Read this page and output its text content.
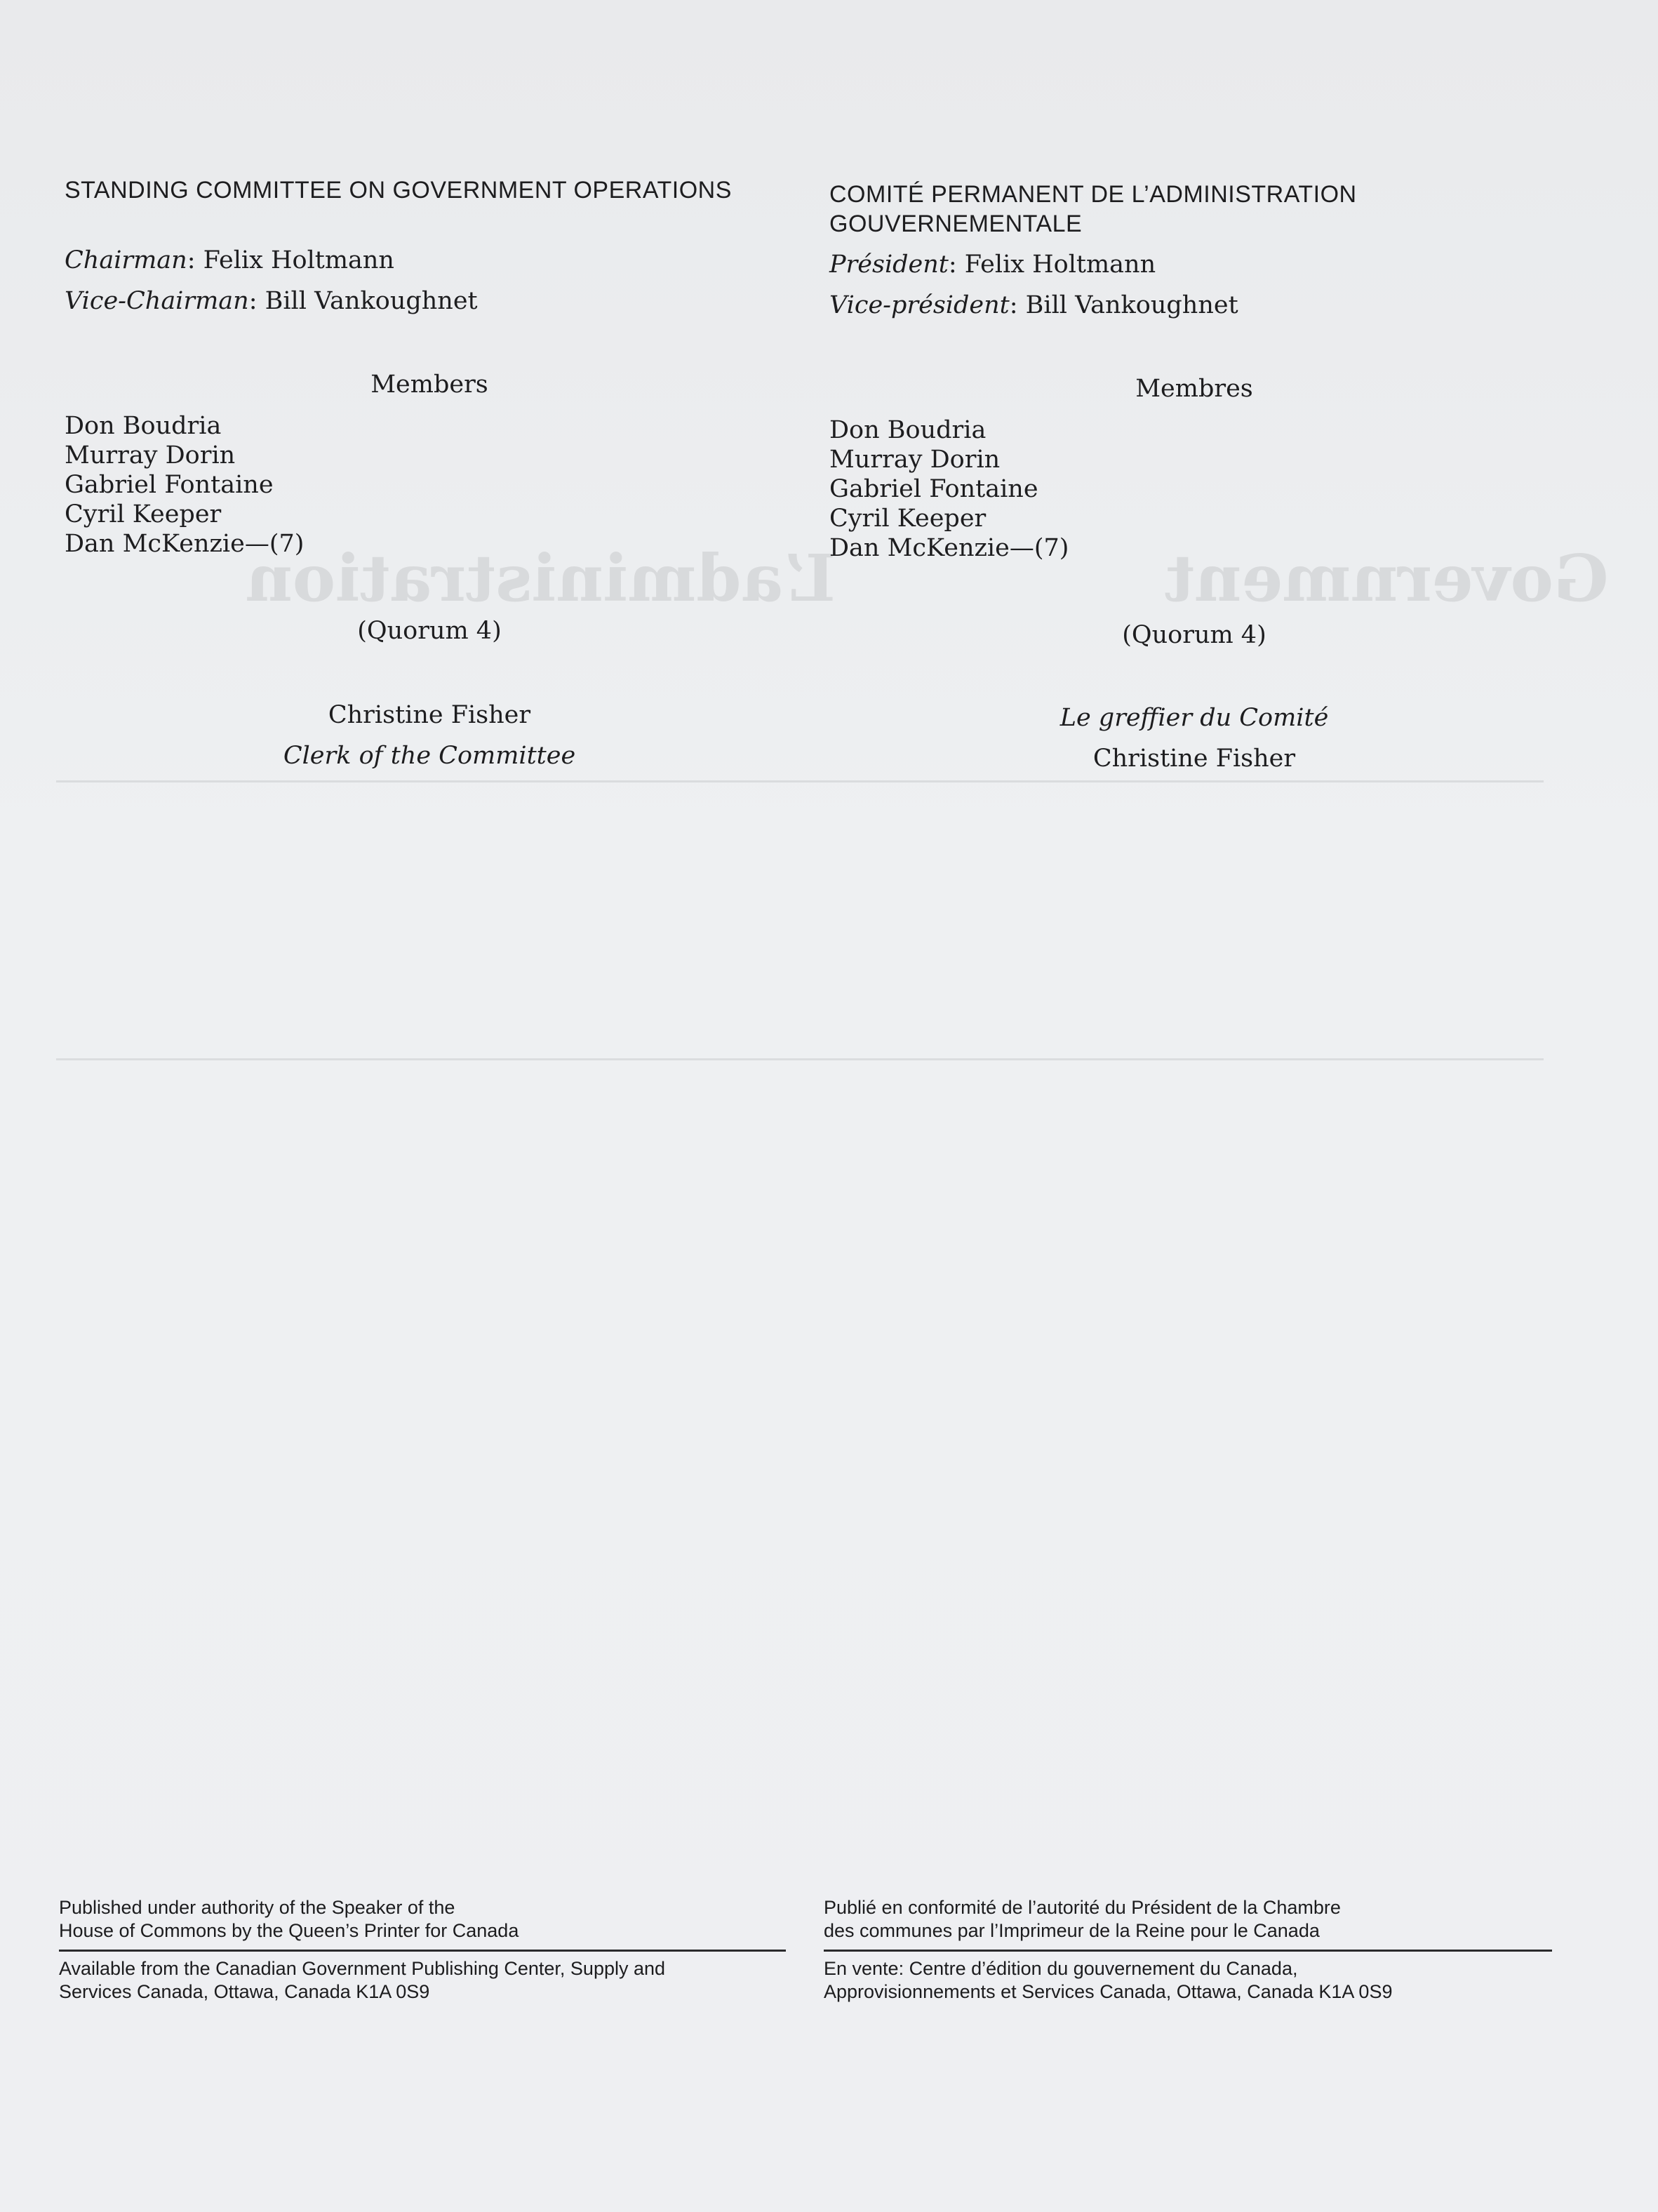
L’administration	Government

STANDING COMMITTEE ON GOVERNMENT OPERATIONS

Chairman: Felix Holtmann

Vice-Chairman: Bill Vankoughnet

Members

Don Boudria
Murray Dorin
Gabriel Fontaine
Cyril Keeper
Dan McKenzie—(7)

(Quorum 4)

Christine Fisher

Clerk of the Committee

COMITÉ PERMANENT DE L’ADMINISTRATION GOUVERNEMENTALE

Président: Felix Holtmann

Vice-président: Bill Vankoughnet

Membres

Don Boudria
Murray Dorin
Gabriel Fontaine
Cyril Keeper
Dan McKenzie—(7)

(Quorum 4)

Le greffier du Comité

Christine Fisher

Published under authority of the Speaker of the

House of Commons by the Queen’s Printer for Canada

Available from the Canadian Government Publishing Center, Supply and

Services Canada, Ottawa, Canada K1A 0S9

Publié en conformité de l’autorité du Président de la Chambre

des communes par l’Imprimeur de la Reine pour le Canada

En vente: Centre d’édition du gouvernement du Canada,

Approvisionnements et Services Canada, Ottawa, Canada K1A 0S9
